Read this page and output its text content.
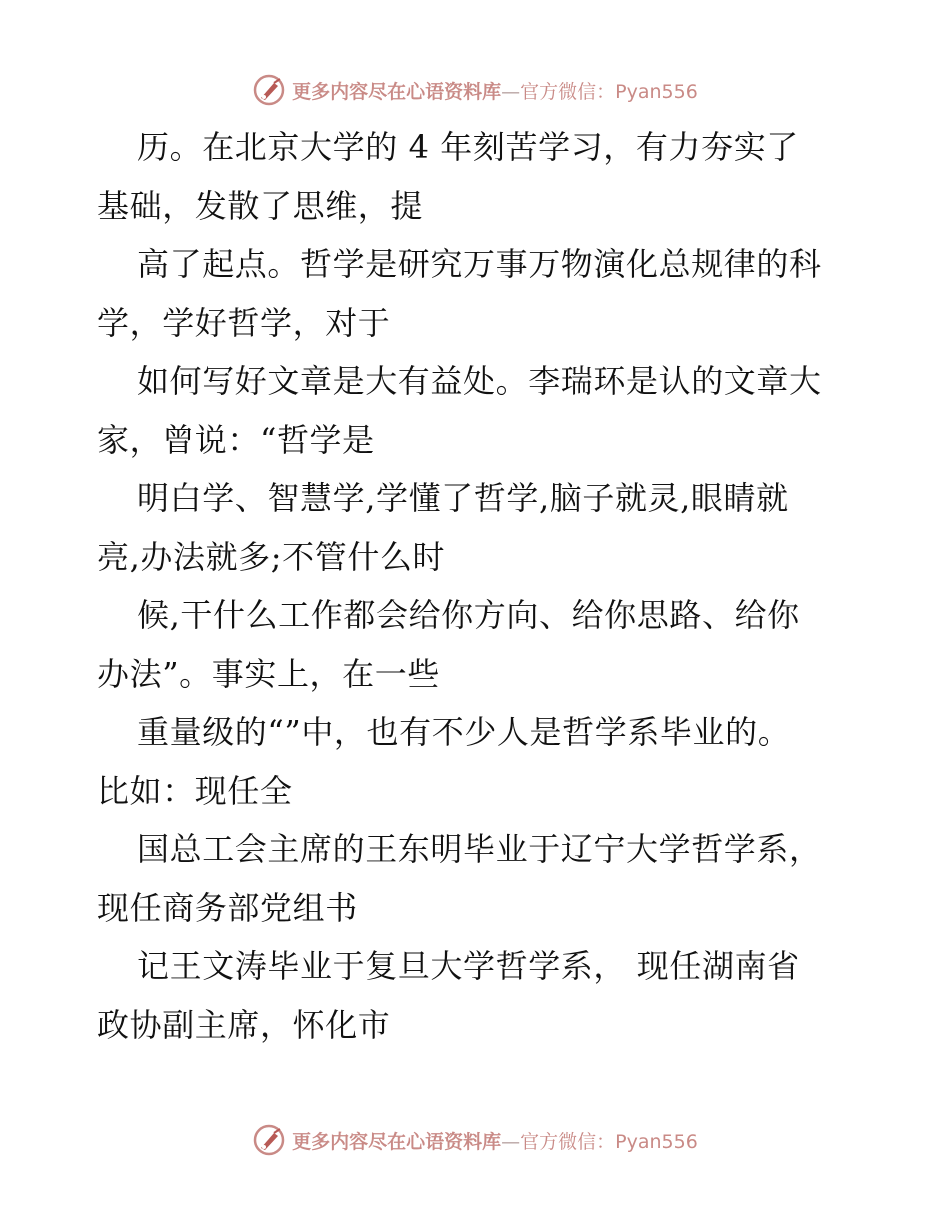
更多内容尽在心语资料库—官方微信：Pyan556
历。在北京大学的 4 年刻苦学习，有力夯实了
基础，发散了思维，提
高了起点。哲学是研究万事万物演化总规律的科
学，学好哲学，对于
如何写好文章是大有益处。李瑞环是认的文章大
家，曾说：“哲学是
明白学、智慧学,学懂了哲学,脑子就灵,眼睛就
亮,办法就多;不管什么时
候,干什么工作都会给你方向、给你思路、给你
办法”。事实上，在一些
重量级的“”中，也有不少人是哲学系毕业的。
比如：现任全
国总工会主席的王东明毕业于辽宁大学哲学系，
现任商务部党组书
记王文涛毕业于复旦大学哲学系， 现任湖南省
政协副主席，怀化市
更多内容尽在心语资料库—官方微信：Pyan556
